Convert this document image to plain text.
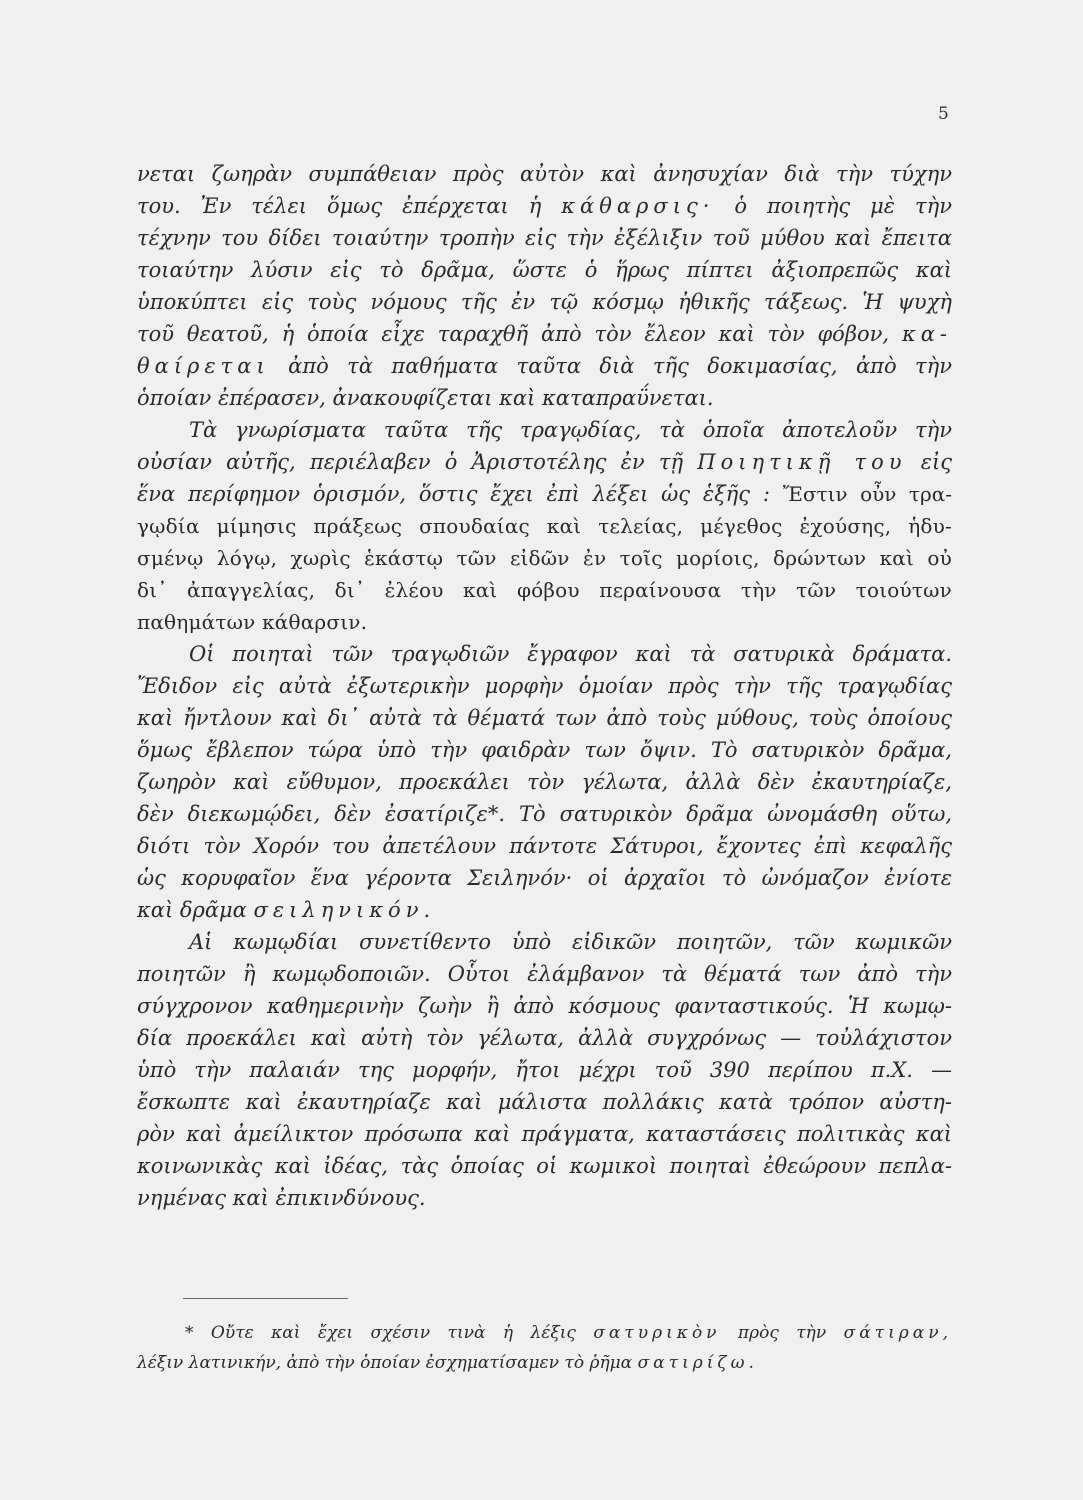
5
νεται ζωηρὰν συμπάθειαν πρὸς αὐτὸν καὶ ἀνησυχίαν διὰ τὴν τύχην
του. Ἐν τέλει ὅμως ἐπέρχεται ἡ κάθαρσις· ὁ ποιητὴς μὲ τὴν
τέχνην του δίδει τοιαύτην τροπὴν εἰς τὴν ἐξέλιξιν τοῦ μύθου καὶ ἔπειτα
τοιαύτην λύσιν εἰς τὸ δρᾶμα, ὥστε ὁ ἥρως πίπτει ἀξιοπρεπῶς καὶ
ὑποκύπτει εἰς τοὺς νόμους τῆς ἐν τῷ κόσμῳ ἠθικῆς τάξεως. Ἡ ψυχὴ
τοῦ θεατοῦ, ἡ ὁποία εἶχε ταραχθῆ ἀπὸ τὸν ἔλεον καὶ τὸν φόβον, κα-
θαίρεται ἀπὸ τὰ παθήματα ταῦτα διὰ τῆς δοκιμασίας, ἀπὸ τὴν
ὁποίαν ἐπέρασεν, ἀνακουφίζεται καὶ καταπραΰνεται.
Τὰ γνωρίσματα ταῦτα τῆς τραγῳδίας, τὰ ὁποῖα ἀποτελοῦν τὴν
οὐσίαν αὐτῆς, περιέλαβεν ὁ Ἀριστοτέλης ἐν τῇ Ποιητικῇ του εἰς
ἕνα περίφημον ὁρισμόν, ὅστις ἔχει ἐπὶ λέξει ὡς ἑξῆς : Ἔστιν οὖν τρα-
γῳδία μίμησις πράξεως σπουδαίας καὶ τελείας, μέγεθος ἐχούσης, ἡδυ-
σμένῳ λόγῳ, χωρὶς ἑκάστῳ τῶν εἰδῶν ἐν τοῖς μορίοις, δρώντων καὶ οὐ
δι᾽ ἀπαγγελίας, δι᾽ ἐλέου καὶ φόβου περαίνουσα τὴν τῶν τοιούτων
παθημάτων κάθαρσιν.
Οἱ ποιηταὶ τῶν τραγῳδιῶν ἔγραφον καὶ τὰ σατυρικὰ δράματα.
Ἔδιδον εἰς αὐτὰ ἐξωτερικὴν μορφὴν ὁμοίαν πρὸς τὴν τῆς τραγῳδίας
καὶ ἤντλουν καὶ δι᾽ αὐτὰ τὰ θέματά των ἀπὸ τοὺς μύθους, τοὺς ὁποίους
ὅμως ἔβλεπον τώρα ὑπὸ τὴν φαιδρὰν των ὄψιν. Τὸ σατυρικὸν δρᾶμα,
ζωηρὸν καὶ εὔθυμον, προεκάλει τὸν γέλωτα, ἀλλὰ δὲν ἐκαυτηρίαζε,
δὲν διεκωμῴδει, δὲν ἐσατίριζε*. Τὸ σατυρικὸν δρᾶμα ὠνομάσθη οὕτω,
διότι τὸν Χορόν του ἀπετέλουν πάντοτε Σάτυροι, ἔχοντες ἐπὶ κεφαλῆς
ὡς κορυφαῖον ἕνα γέροντα Σειληνόν· οἱ ἀρχαῖοι τὸ ὠνόμαζον ἐνίοτε
καὶ δρᾶμα σειληνικόν.
Αἱ κωμῳδίαι συνετίθεντο ὑπὸ εἰδικῶν ποιητῶν, τῶν κωμικῶν
ποιητῶν ἢ κωμῳδοποιῶν. Οὗτοι ἐλάμβανον τὰ θέματά των ἀπὸ τὴν
σύγχρονον καθημερινὴν ζωὴν ἢ ἀπὸ κόσμους φανταστικούς. Ἡ κωμῳ-
δία προεκάλει καὶ αὐτὴ τὸν γέλωτα, ἀλλὰ συγχρόνως — τοὐλάχιστον
ὑπὸ τὴν παλαιάν της μορφήν, ἤτοι μέχρι τοῦ 390 περίπου π.Χ. —
ἔσκωπτε καὶ ἐκαυτηρίαζε καὶ μάλιστα πολλάκις κατὰ τρόπον αὐστη-
ρὸν καὶ ἀμείλικτον πρόσωπα καὶ πράγματα, καταστάσεις πολιτικὰς καὶ
κοινωνικὰς καὶ ἰδέας, τὰς ὁποίας οἱ κωμικοὶ ποιηταὶ ἐθεώρουν πεπλα-
νημένας καὶ ἐπικινδύνους.
* Οὔτε καὶ ἔχει σχέσιν τινὰ ἡ λέξις σατυρικὸν πρὸς τὴν σάτιραν,
λέξιν λατινικήν, ἀπὸ τὴν ὁποίαν ἐσχηματίσαμεν τὸ ῥῆμα σατιρίζω.
